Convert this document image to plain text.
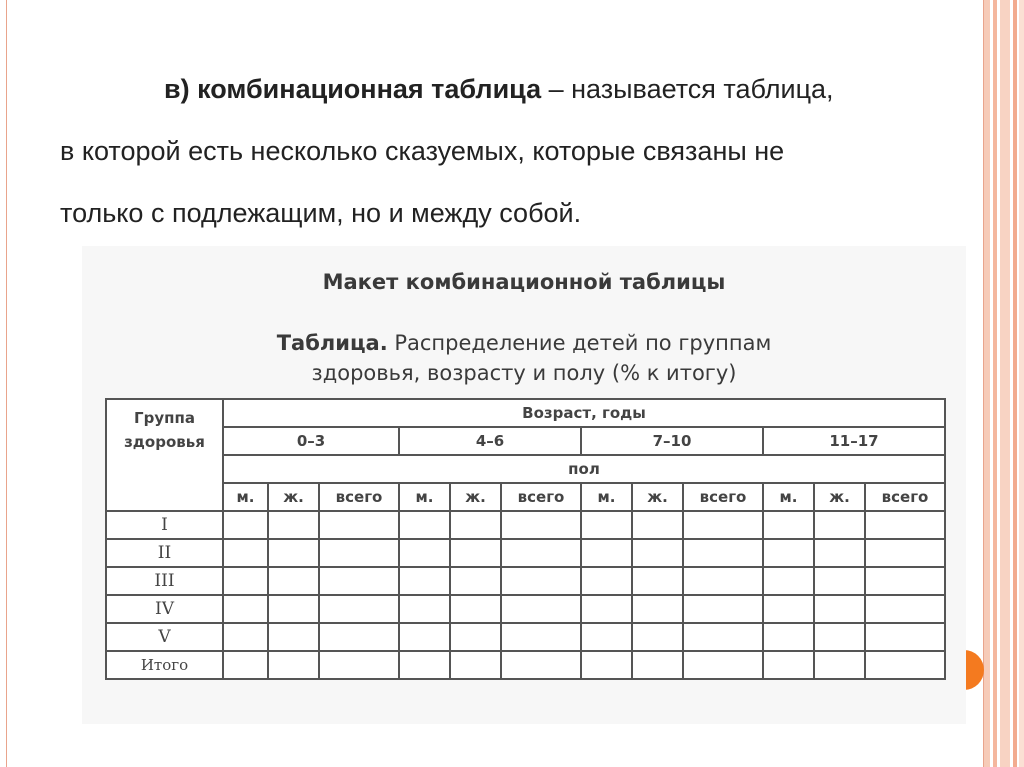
в) комбинационная таблица – называется таблица,
в которой есть несколько сказуемых, которые связаны не
только с подлежащим, но и между собой.
Макет комбинационной таблицы
Таблица. Распределение детей по группам
здоровья, возрасту и полу (% к итогу)
Группа
здоровья	Возраст, годы											
	0–3			4–6			7–10			11–17		
	пол											
	м.	ж.	всего	м.	ж.	всего	м.	ж.	всего	м.	ж.	всего
I												
II												
III												
IV												
V												
Итого												
